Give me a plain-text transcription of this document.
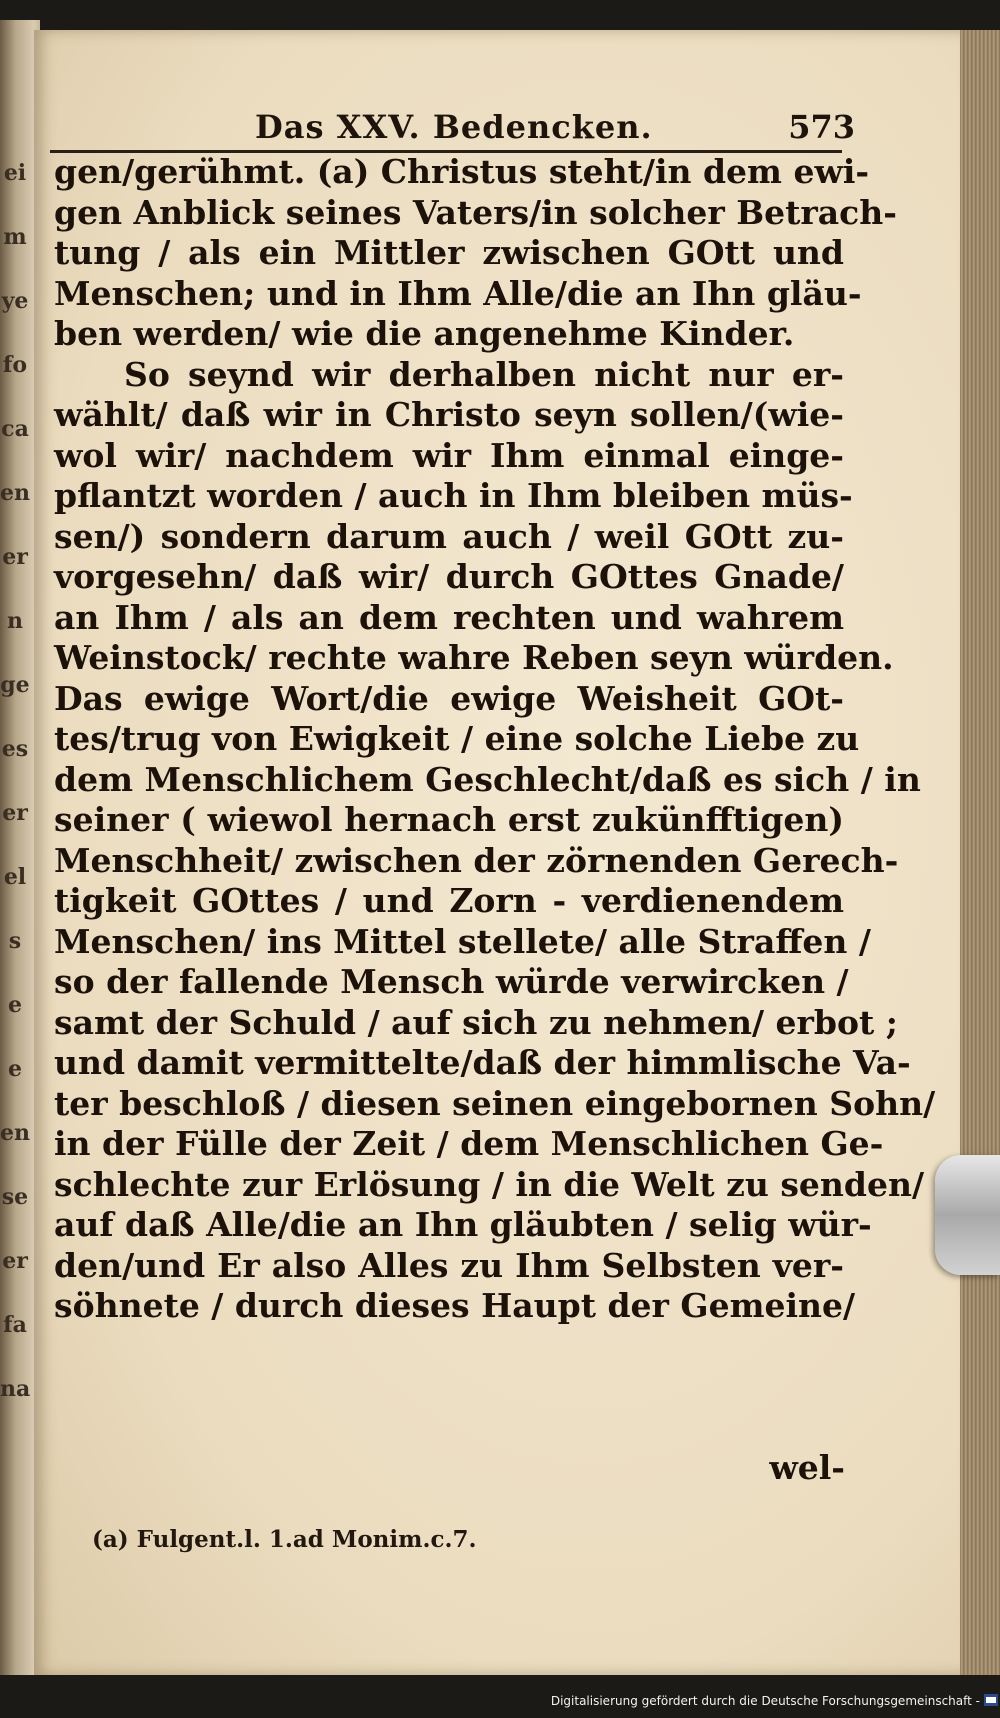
ei
m
ye
fo
ca
en
er
n
ge
es
er
el
s
e
e
en
se
er
fa
na
Das XXV. Bedencken.	573
gen/gerühmt. (a) Christus steht/in dem ewi-
gen Anblick seines Vaters/in solcher Betrach-
tung / als ein Mittler zwischen GOtt und
Menschen; und in Ihm Alle/die an Ihn gläu-
ben werden/ wie die angenehme Kinder.
So seynd wir derhalben nicht nur er-
wählt/ daß wir in Christo seyn sollen/(wie-
wol wir/ nachdem wir Ihm einmal einge-
pflantzt worden / auch in Ihm bleiben müs-
sen/) sondern darum auch / weil GOtt zu-
vorgesehn/ daß wir/ durch GOttes Gnade/
an Ihm / als an dem rechten und wahrem
Weinstock/ rechte wahre Reben seyn würden.
Das ewige Wort/die ewige Weisheit GOt-
tes/trug von Ewigkeit / eine solche Liebe zu
dem Menschlichem Geschlecht/daß es sich / in
seiner ( wiewol hernach erst zukünfftigen)
Menschheit/ zwischen der zörnenden Gerech-
tigkeit GOttes / und Zorn - verdienendem
Menschen/ ins Mittel stellete/ alle Straffen /
so der fallende Mensch würde verwircken /
samt der Schuld / auf sich zu nehmen/ erbot ;
und damit vermittelte/daß der himmlische Va-
ter beschloß / diesen seinen eingebornen Sohn/
in der Fülle der Zeit / dem Menschlichen Ge-
schlechte zur Erlösung / in die Welt zu senden/
auf daß Alle/die an Ihn gläubten / selig wür-
den/und Er also Alles zu Ihm Selbsten ver-
söhnete / durch dieses Haupt der Gemeine/
wel-
(a) Fulgent.l. 1.ad Monim.c.7.
Digitalisierung gefördert durch die Deutsche Forschungsgemeinschaft -
